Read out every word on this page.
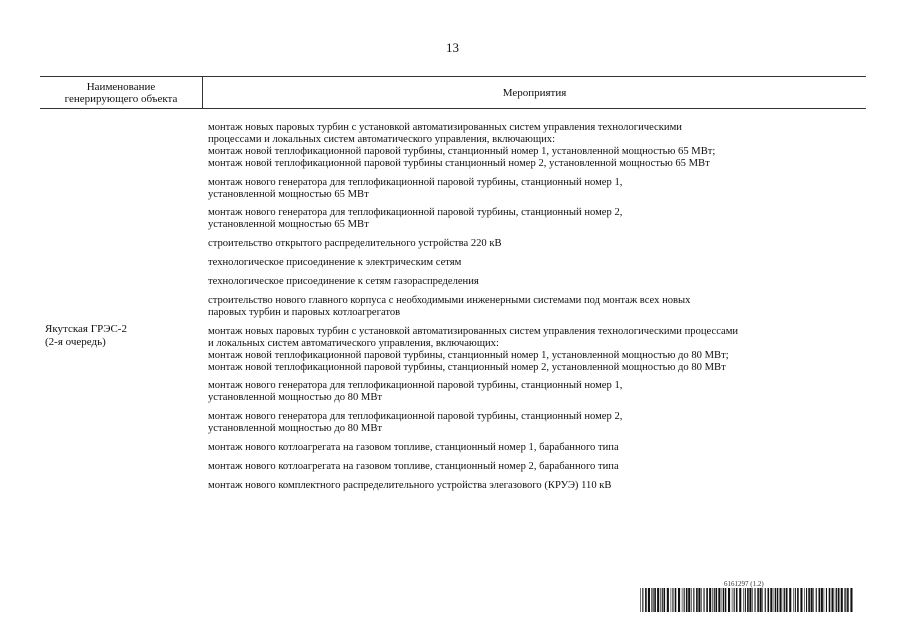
13
Наименование
генерирующего объекта	Мероприятия
Якутская ГРЭС-2
(2-я очередь)
монтаж новых паровых турбин с установкой автоматизированных систем управления технологическими
процессами и локальных систем автоматического управления, включающих:
монтаж новой теплофикационной паровой турбины, станционный номер 1, установленной мощностью 65 МВт;
монтаж новой теплофикационной паровой турбины станционный номер 2, установленной мощностью 65 МВт
монтаж нового генератора для теплофикационной паровой турбины, станционный номер 1,
установленной мощностью 65 МВт
монтаж нового генератора для теплофикационной паровой турбины, станционный номер 2,
установленной мощностью 65 МВт
строительство открытого распределительного устройства 220 кВ
технологическое присоединение к электрическим сетям
технологическое присоединение к сетям газораспределения
строительство нового главного корпуса с необходимыми инженерными системами под монтаж всех новых
паровых турбин и паровых котлоагрегатов
монтаж новых паровых турбин с установкой автоматизированных систем управления технологическими процессами
и локальных систем автоматического управления, включающих:
монтаж новой теплофикационной паровой турбины, станционный номер 1, установленной мощностью до 80 МВт;
монтаж новой теплофикационной паровой турбины, станционный номер 2, установленной мощностью до 80 МВт
монтаж нового генератора для теплофикационной паровой турбины, станционный номер 1,
установленной мощностью до 80 МВт
монтаж нового генератора для теплофикационной паровой турбины, станционный номер 2,
установленной мощностью до 80 МВт
монтаж нового котлоагрегата на газовом топливе, станционный номер 1, барабанного типа
монтаж нового котлоагрегата на газовом топливе, станционный номер 2, барабанного типа
монтаж нового комплектного распределительного устройства элегазового (КРУЭ) 110 кВ
6161297 (1.2)
